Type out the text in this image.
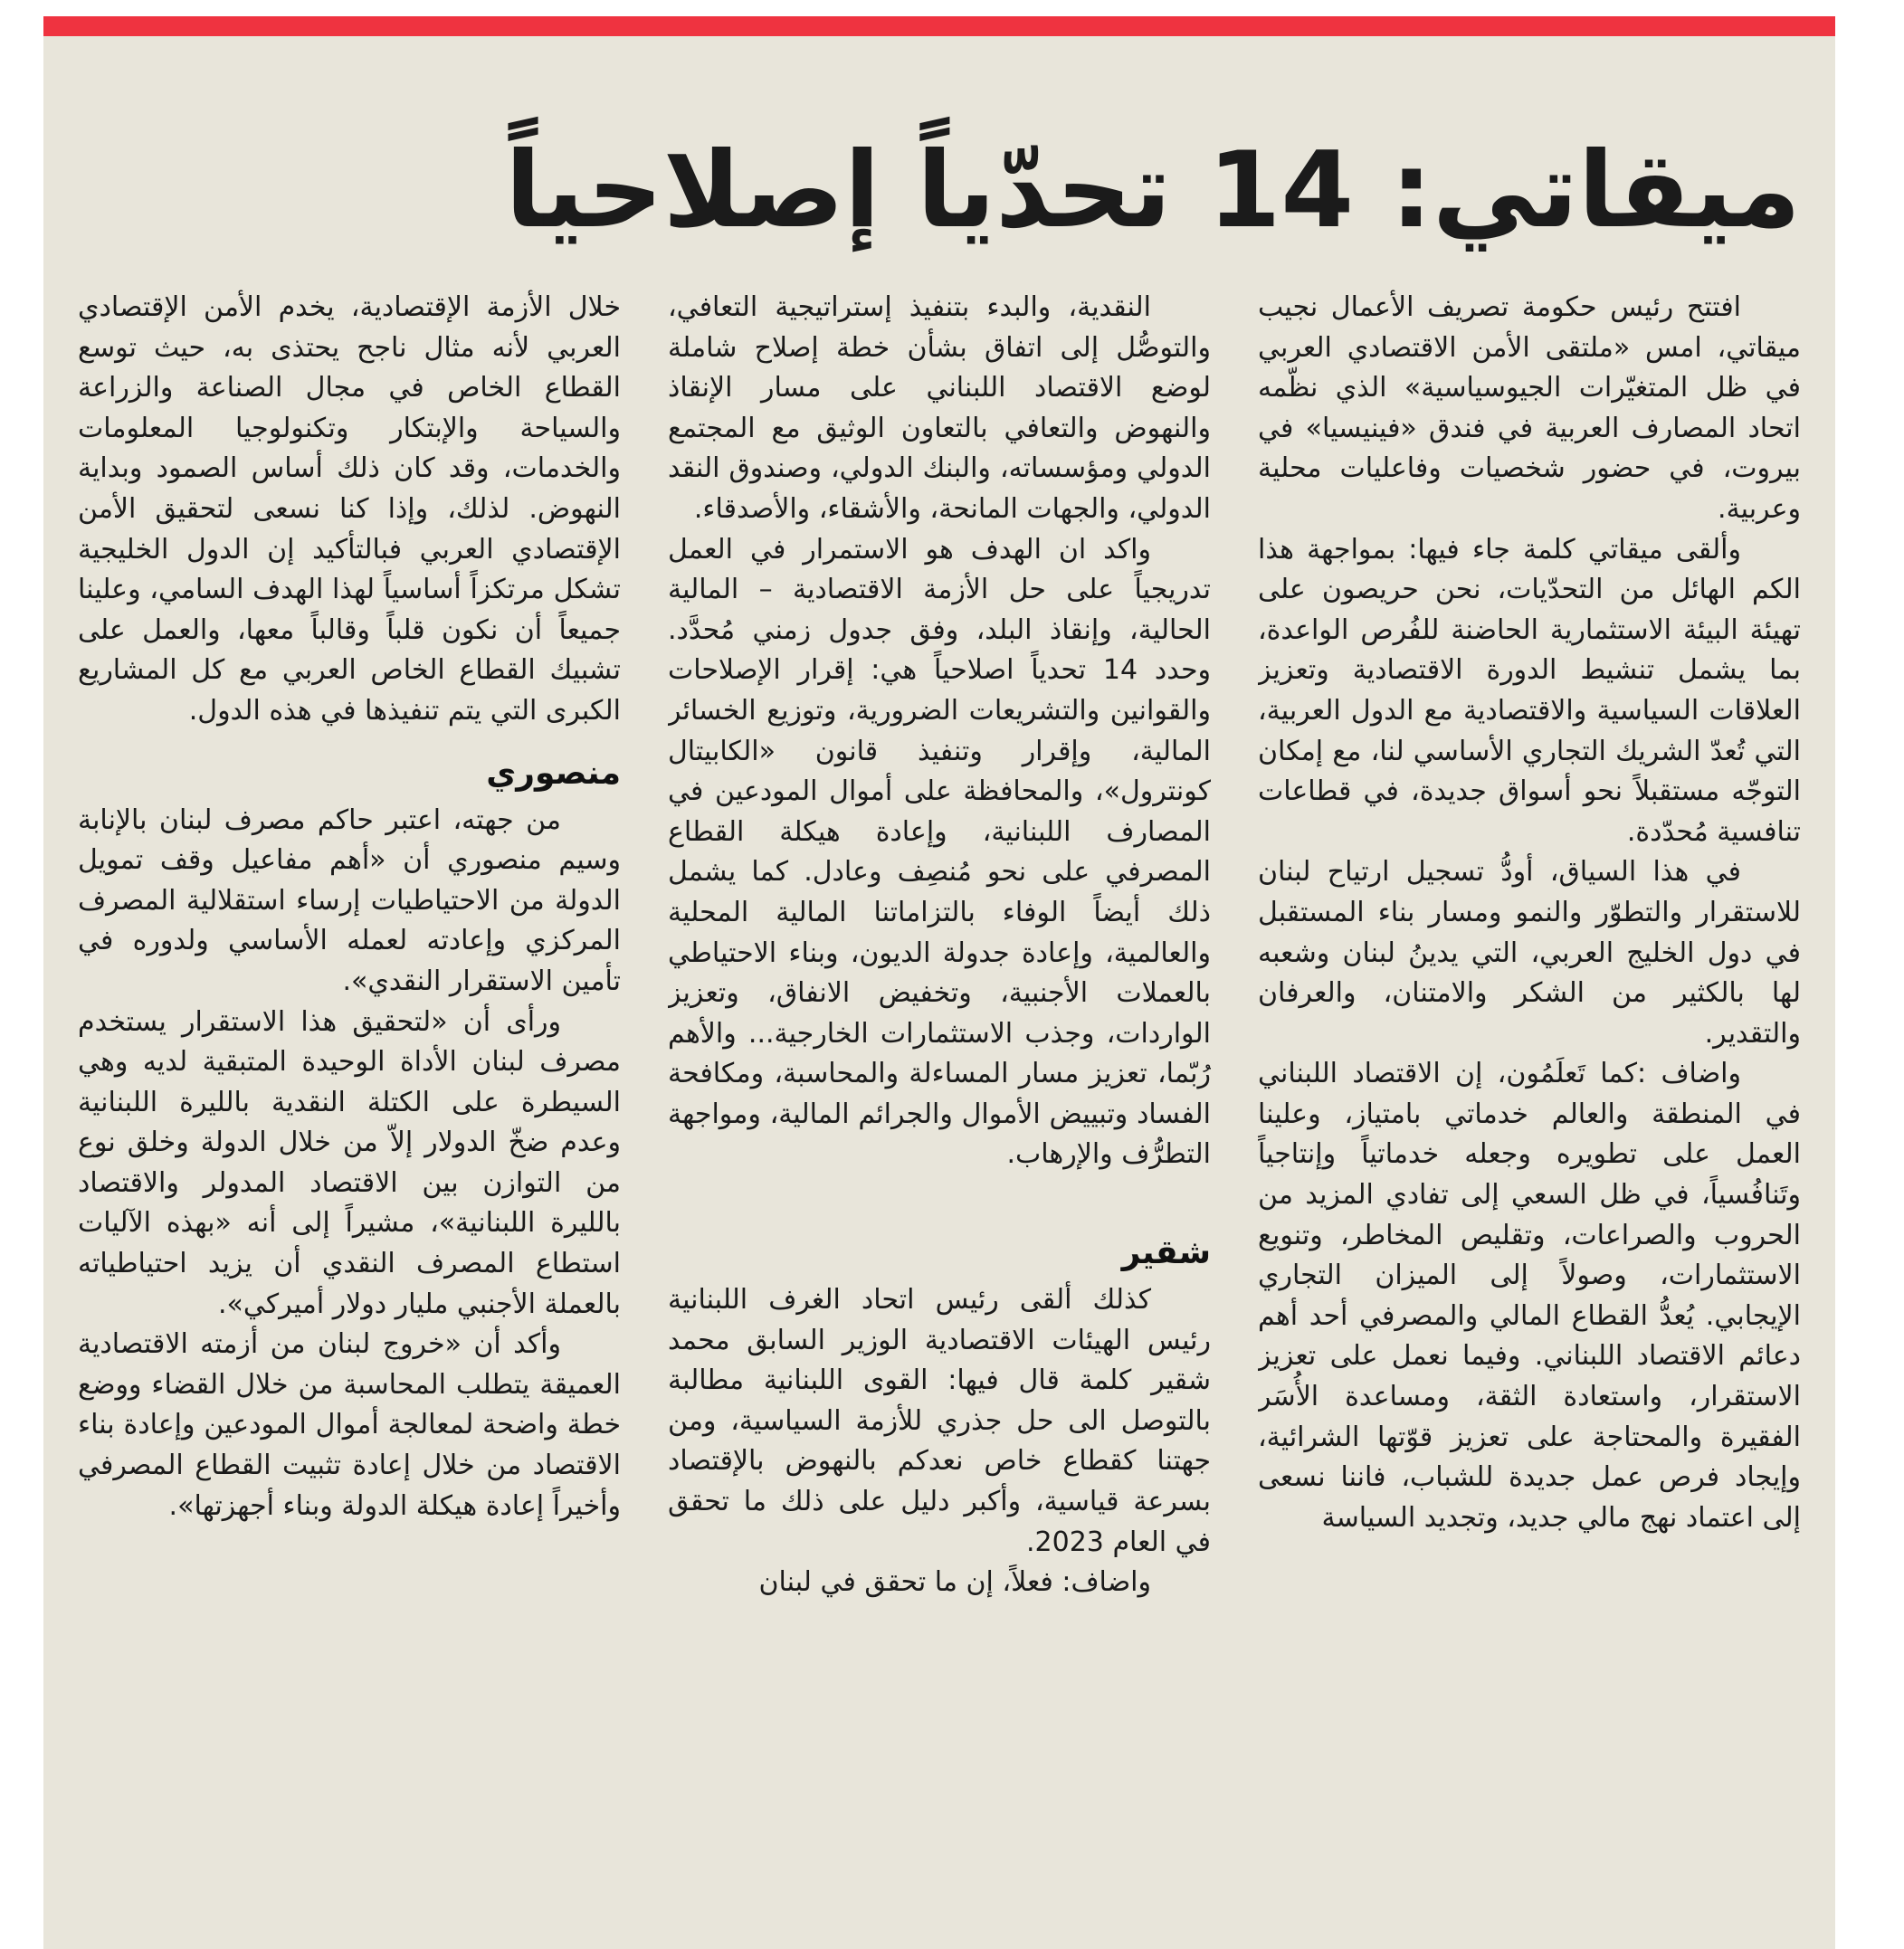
ميقاتي: 14 تحدّياً إصلاحياً

افتتح رئيس حكومة تصريف الأعمال نجيب ميقاتي، امس «ملتقى الأمن الاقتصادي العربي في ظل المتغيّرات الجيوسياسية» الذي نظّمه اتحاد المصارف العربية في فندق «فينيسيا» في بيروت، في حضور شخصيات وفاعليات محلية وعربية.

وألقى ميقاتي كلمة جاء فيها: بمواجهة هذا الكم الهائل من التحدّيات، نحن حريصون على تهيئة البيئة الاستثمارية الحاضنة للفُرص الواعدة، بما يشمل تنشيط الدورة الاقتصادية وتعزيز العلاقات السياسية والاقتصادية مع الدول العربية، التي تُعدّ الشريك التجاري الأساسي لنا، مع إمكان التوجّه مستقبلاً نحو أسواق جديدة، في قطاعات تنافسية مُحدّدة.

في هذا السياق، أودُّ تسجيل ارتياح لبنان للاستقرار والتطوّر والنمو ومسار بناء المستقبل في دول الخليج العربي، التي يدينُ لبنان وشعبه لها بالكثير من الشكر والامتنان، والعرفان والتقدير.

واضاف :كما تَعلَمُون، إن الاقتصاد اللبناني في المنطقة والعالم خدماتي بامتياز، وعلينا العمل على تطويره وجعله خدماتياً وإنتاجياً وتَنافُسياً، في ظل السعي إلى تفادي المزيد من الحروب والصراعات، وتقليص المخاطر، وتنويع الاستثمارات، وصولاً إلى الميزان التجاري الإيجابي. يُعدُّ القطاع المالي والمصرفي أحد أهم دعائم الاقتصاد اللبناني. وفيما نعمل على تعزيز الاستقرار، واستعادة الثقة، ومساعدة الأُسَر الفقيرة والمحتاجة على تعزيز قوّتها الشرائية، وإيجاد فرص عمل جديدة للشباب، فاننا نسعى إلى اعتماد نهج مالي جديد، وتجديد السياسة

النقدية، والبدء بتنفيذ إستراتيجية التعافي، والتوصُّل إلى اتفاق بشأن خطة إصلاح شاملة لوضع الاقتصاد اللبناني على مسار الإنقاذ والنهوض والتعافي بالتعاون الوثيق مع المجتمع الدولي ومؤسساته، والبنك الدولي، وصندوق النقد الدولي، والجهات المانحة، والأشقاء، والأصدقاء.

واكد ان الهدف هو الاستمرار في العمل تدريجياً على حل الأزمة الاقتصادية – المالية الحالية، وإنقاذ البلد، وفق جدول زمني مُحدَّد. وحدد 14 تحدياً اصلاحياً هي: إقرار الإصلاحات والقوانين والتشريعات الضرورية، وتوزيع الخسائر المالية، وإقرار وتنفيذ قانون «الكابيتال كونترول»، والمحافظة على أموال المودعين في المصارف اللبنانية، وإعادة هيكلة القطاع المصرفي على نحو مُنصِف وعادل. كما يشمل ذلك أيضاً الوفاء بالتزاماتنا المالية المحلية والعالمية، وإعادة جدولة الديون، وبناء الاحتياطي بالعملات الأجنبية، وتخفيض الانفاق، وتعزيز الواردات، وجذب الاستثمارات الخارجية... والأهم رُبّما، تعزيز مسار المساءلة والمحاسبة، ومكافحة الفساد وتبييض الأموال والجرائم المالية، ومواجهة التطرُّف والإرهاب.

شقير

كذلك ألقى رئيس اتحاد الغرف اللبنانية رئيس الهيئات الاقتصادية الوزير السابق محمد شقير كلمة قال فيها: القوى اللبنانية مطالبة بالتوصل الى حل جذري للأزمة السياسية، ومن جهتنا كقطاع خاص نعدكم بالنهوض بالإقتصاد بسرعة قياسية، وأكبر دليل على ذلك ما تحقق في العام 2023.

واضاف: فعلاً، إن ما تحقق في لبنان

خلال الأزمة الإقتصادية، يخدم الأمن الإقتصادي العربي لأنه مثال ناجح يحتذى به، حيث توسع القطاع الخاص في مجال الصناعة والزراعة والسياحة والإبتكار وتكنولوجيا المعلومات والخدمات، وقد كان ذلك أساس الصمود وبداية النهوض. لذلك، وإذا كنا نسعى لتحقيق الأمن الإقتصادي العربي فبالتأكيد إن الدول الخليجية تشكل مرتكزاً أساسياً لهذا الهدف السامي، وعلينا جميعاً أن نكون قلباً وقالباً معها، والعمل على تشبيك القطاع الخاص العربي مع كل المشاريع الكبرى التي يتم تنفيذها في هذه الدول.

منصوري

من جهته، اعتبر حاكم مصرف لبنان بالإنابة وسيم منصوري أن «أهم مفاعيل وقف تمويل الدولة من الاحتياطيات إرساء استقلالية المصرف المركزي وإعادته لعمله الأساسي ولدوره في تأمين الاستقرار النقدي».

ورأى أن «لتحقيق هذا الاستقرار يستخدم مصرف لبنان الأداة الوحيدة المتبقية لديه وهي السيطرة على الكتلة النقدية بالليرة اللبنانية وعدم ضخّ الدولار إلاّ من خلال الدولة وخلق نوع من التوازن بين الاقتصاد المدولر والاقتصاد بالليرة اللبنانية»، مشيراً إلى أنه «بهذه الآليات استطاع المصرف النقدي أن يزيد احتياطياته بالعملة الأجنبي مليار دولار أميركي».

وأكد أن «خروج لبنان من أزمته الاقتصادية العميقة يتطلب المحاسبة من خلال القضاء ووضع خطة واضحة لمعالجة أموال المودعين وإعادة بناء الاقتصاد من خلال إعادة تثبيت القطاع المصرفي وأخيراً إعادة هيكلة الدولة وبناء أجهزتها».
